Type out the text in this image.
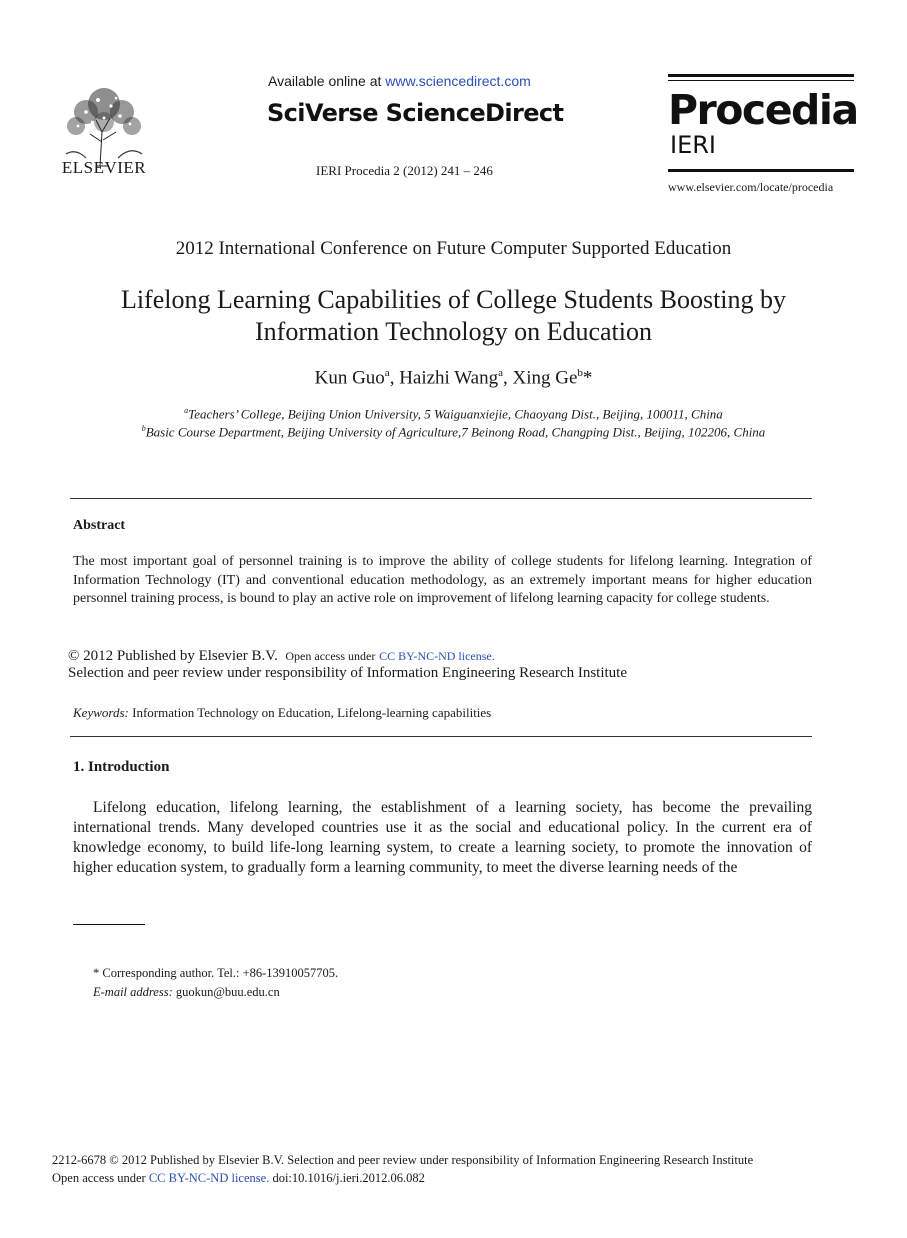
ELSEVIER
Available online at www.sciencedirect.com
SciVerse ScienceDirect
IERI Procedia 2 (2012) 241 – 246
Procedia
IERI
www.elsevier.com/locate/procedia
2012 International Conference on Future Computer Supported Education
Lifelong Learning Capabilities of College Students Boosting by
Information Technology on Education
Kun Guo$^a$, Haizhi Wang$^a$, Xing Ge$^b$*
$^a$Teachers’ College, Beijing Union University, 5 Waiguanxiejie, Chaoyang Dist., Beijing, 100011, China
$^b$Basic Course Department, Beijing University of Agriculture,7 Beinong Road, Changping Dist., Beijing, 102206, China
Abstract
The most important goal of personnel training is to improve the ability of college students for lifelong learning. Integration of Information Technology (IT) and conventional education methodology, as an extremely important means for higher education personnel training process, is bound to play an active role on improvement of lifelong learning capacity for college students.
© 2012 Published by Elsevier B.V. Open access under CC BY-NC-ND license.
Selection and peer review under responsibility of Information Engineering Research Institute
Keywords: Information Technology on Education, Lifelong-learning capabilities
1. Introduction
Lifelong education, lifelong learning, the establishment of a learning society, has become the prevailing international trends. Many developed countries use it as the social and educational policy. In the current era of knowledge economy, to build life-long learning system, to create a learning society, to promote the innovation of higher education system, to gradually form a learning community, to meet the diverse learning needs of the
* Corresponding author. Tel.: +86-13910057705.
E-mail address: guokun@buu.edu.cn
2212-6678 © 2012 Published by Elsevier B.V. Selection and peer review under responsibility of Information Engineering Research Institute
Open access under CC BY-NC-ND license. doi:10.1016/j.ieri.2012.06.082
